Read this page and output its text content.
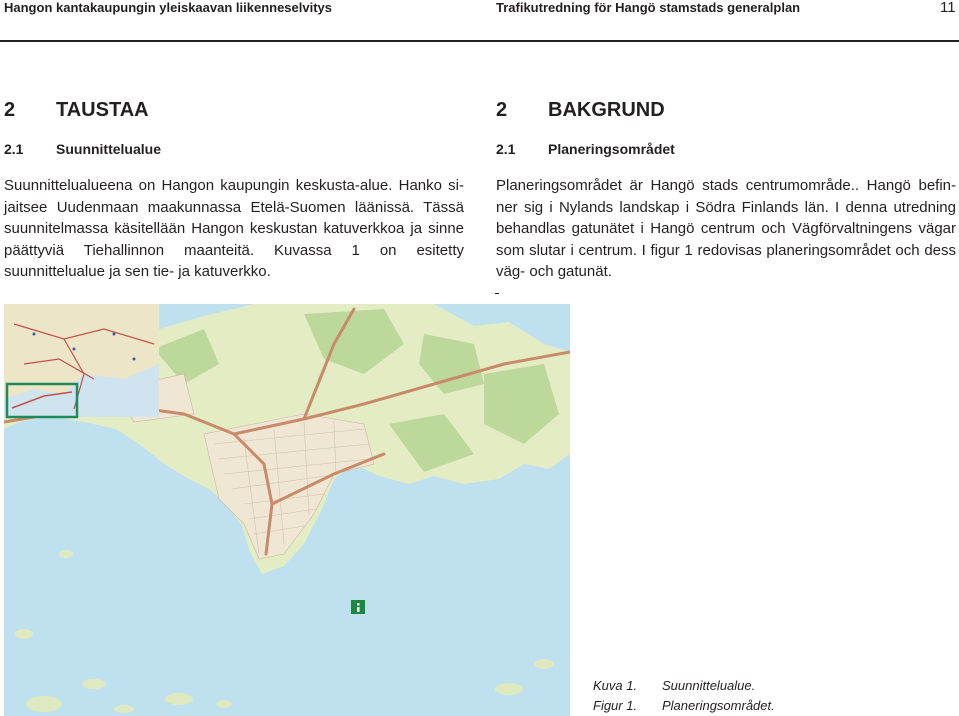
Hangon kantakaupungin yleiskaavan liikenneselvitys	Trafikutredning för Hangö stamstads generalplan	11
2 TAUSTAA
2.1 Suunnittelualue
Suunnittelualueena on Hangon kaupungin keskusta-alue. Hanko si-jaitsee Uudenmaan maakunnassa Etelä-Suomen läänissä. Tässä suunnitelmassa käsitellään Hangon keskustan katuverkkoa ja sinne päättyviä Tiehallinnon maanteitä. Kuvassa 1 on esitetty suunnittelualue ja sen tie- ja katuverkko.
2 BAKGRUND
2.1 Planeringsområdet
Planeringsområdet är Hangö stads centrumområde.. Hangö befin-ner sig i Nylands landskap i Södra Finlands län. I denna utredning behandlas gatunätet i Hangö centrum och Vägförvaltningens vägar som slutar i centrum. I figur 1 redovisas planeringsområdet och dess väg- och gatunät.
Kuva 1. Suunnittelualue.
Figur 1. Planeringsområdet.
